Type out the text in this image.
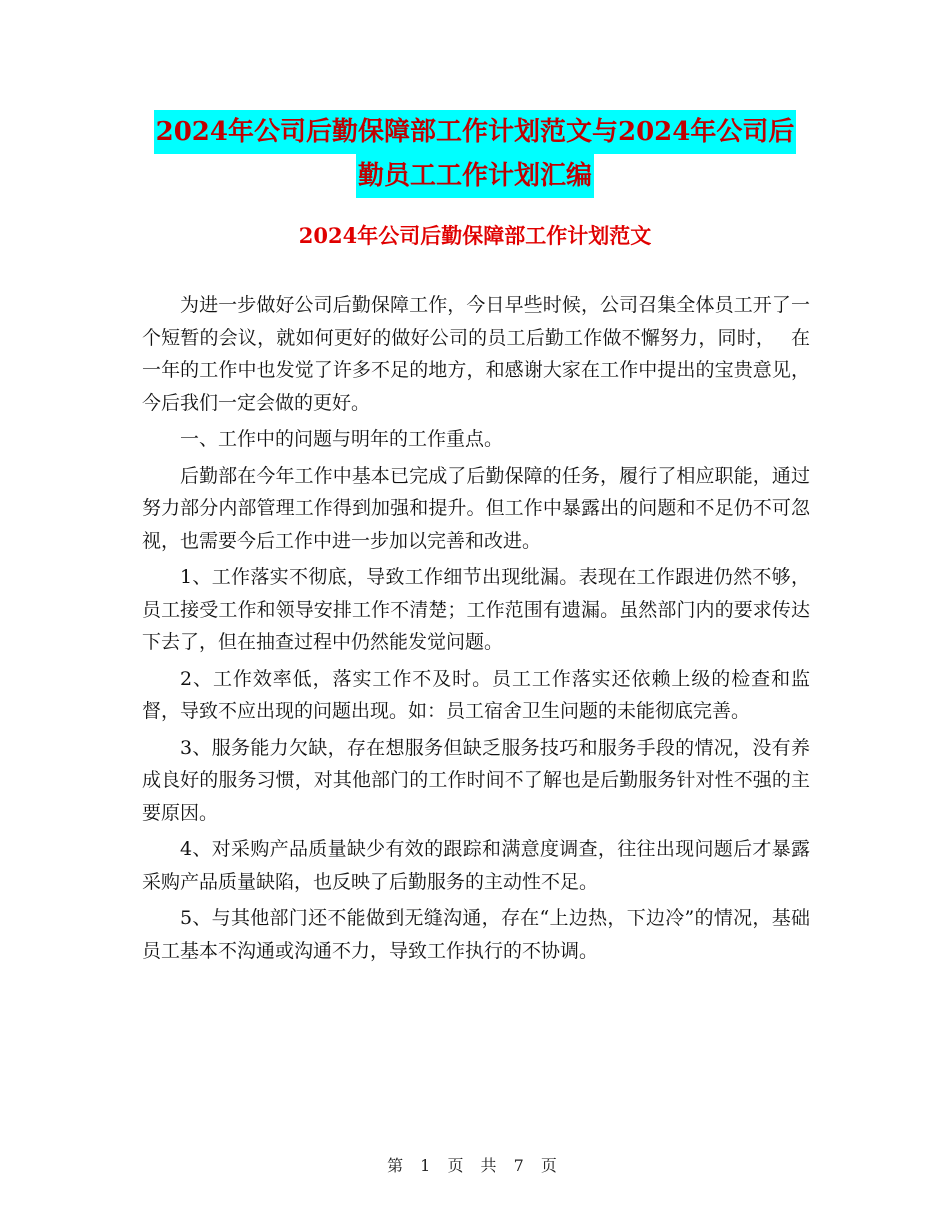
2024年公司后勤保障部工作计划范文与2024年公司后
勤员工工作计划汇编
2024年公司后勤保障部工作计划范文

为进一步做好公司后勤保障工作，今日早些时候，公司召集全体员工开了一个短暂的会议，就如何更好的做好公司的员工后勤工作做不懈努力，同时，　 在一年的工作中也发觉了许多不足的地方，和感谢大家在工作中提出的宝贵意见，今后我们一定会做的更好。

一、工作中的问题与明年的工作重点。

后勤部在今年工作中基本已完成了后勤保障的任务，履行了相应职能，通过努力部分内部管理工作得到加强和提升。但工作中暴露出的问题和不足仍不可忽视，也需要今后工作中进一步加以完善和改进。

1、工作落实不彻底，导致工作细节出现纰漏。表现在工作跟进仍然不够，员工接受工作和领导安排工作不清楚；工作范围有遗漏。虽然部门内的要求传达下去了，但在抽查过程中仍然能发觉问题。

2、工作效率低，落实工作不及时。员工工作落实还依赖上级的检查和监督，导致不应出现的问题出现。如：员工宿舍卫生问题的未能彻底完善。

3、服务能力欠缺，存在想服务但缺乏服务技巧和服务手段的情况，没有养成良好的服务习惯，对其他部门的工作时间不了解也是后勤服务针对性不强的主要原因。

4、对采购产品质量缺少有效的跟踪和满意度调查，往往出现问题后才暴露采购产品质量缺陷，也反映了后勤服务的主动性不足。

5、与其他部门还不能做到无缝沟通，存在“上边热，下边冷”的情况，基础员工基本不沟通或沟通不力，导致工作执行的不协调。

第 1 页 共 7 页
